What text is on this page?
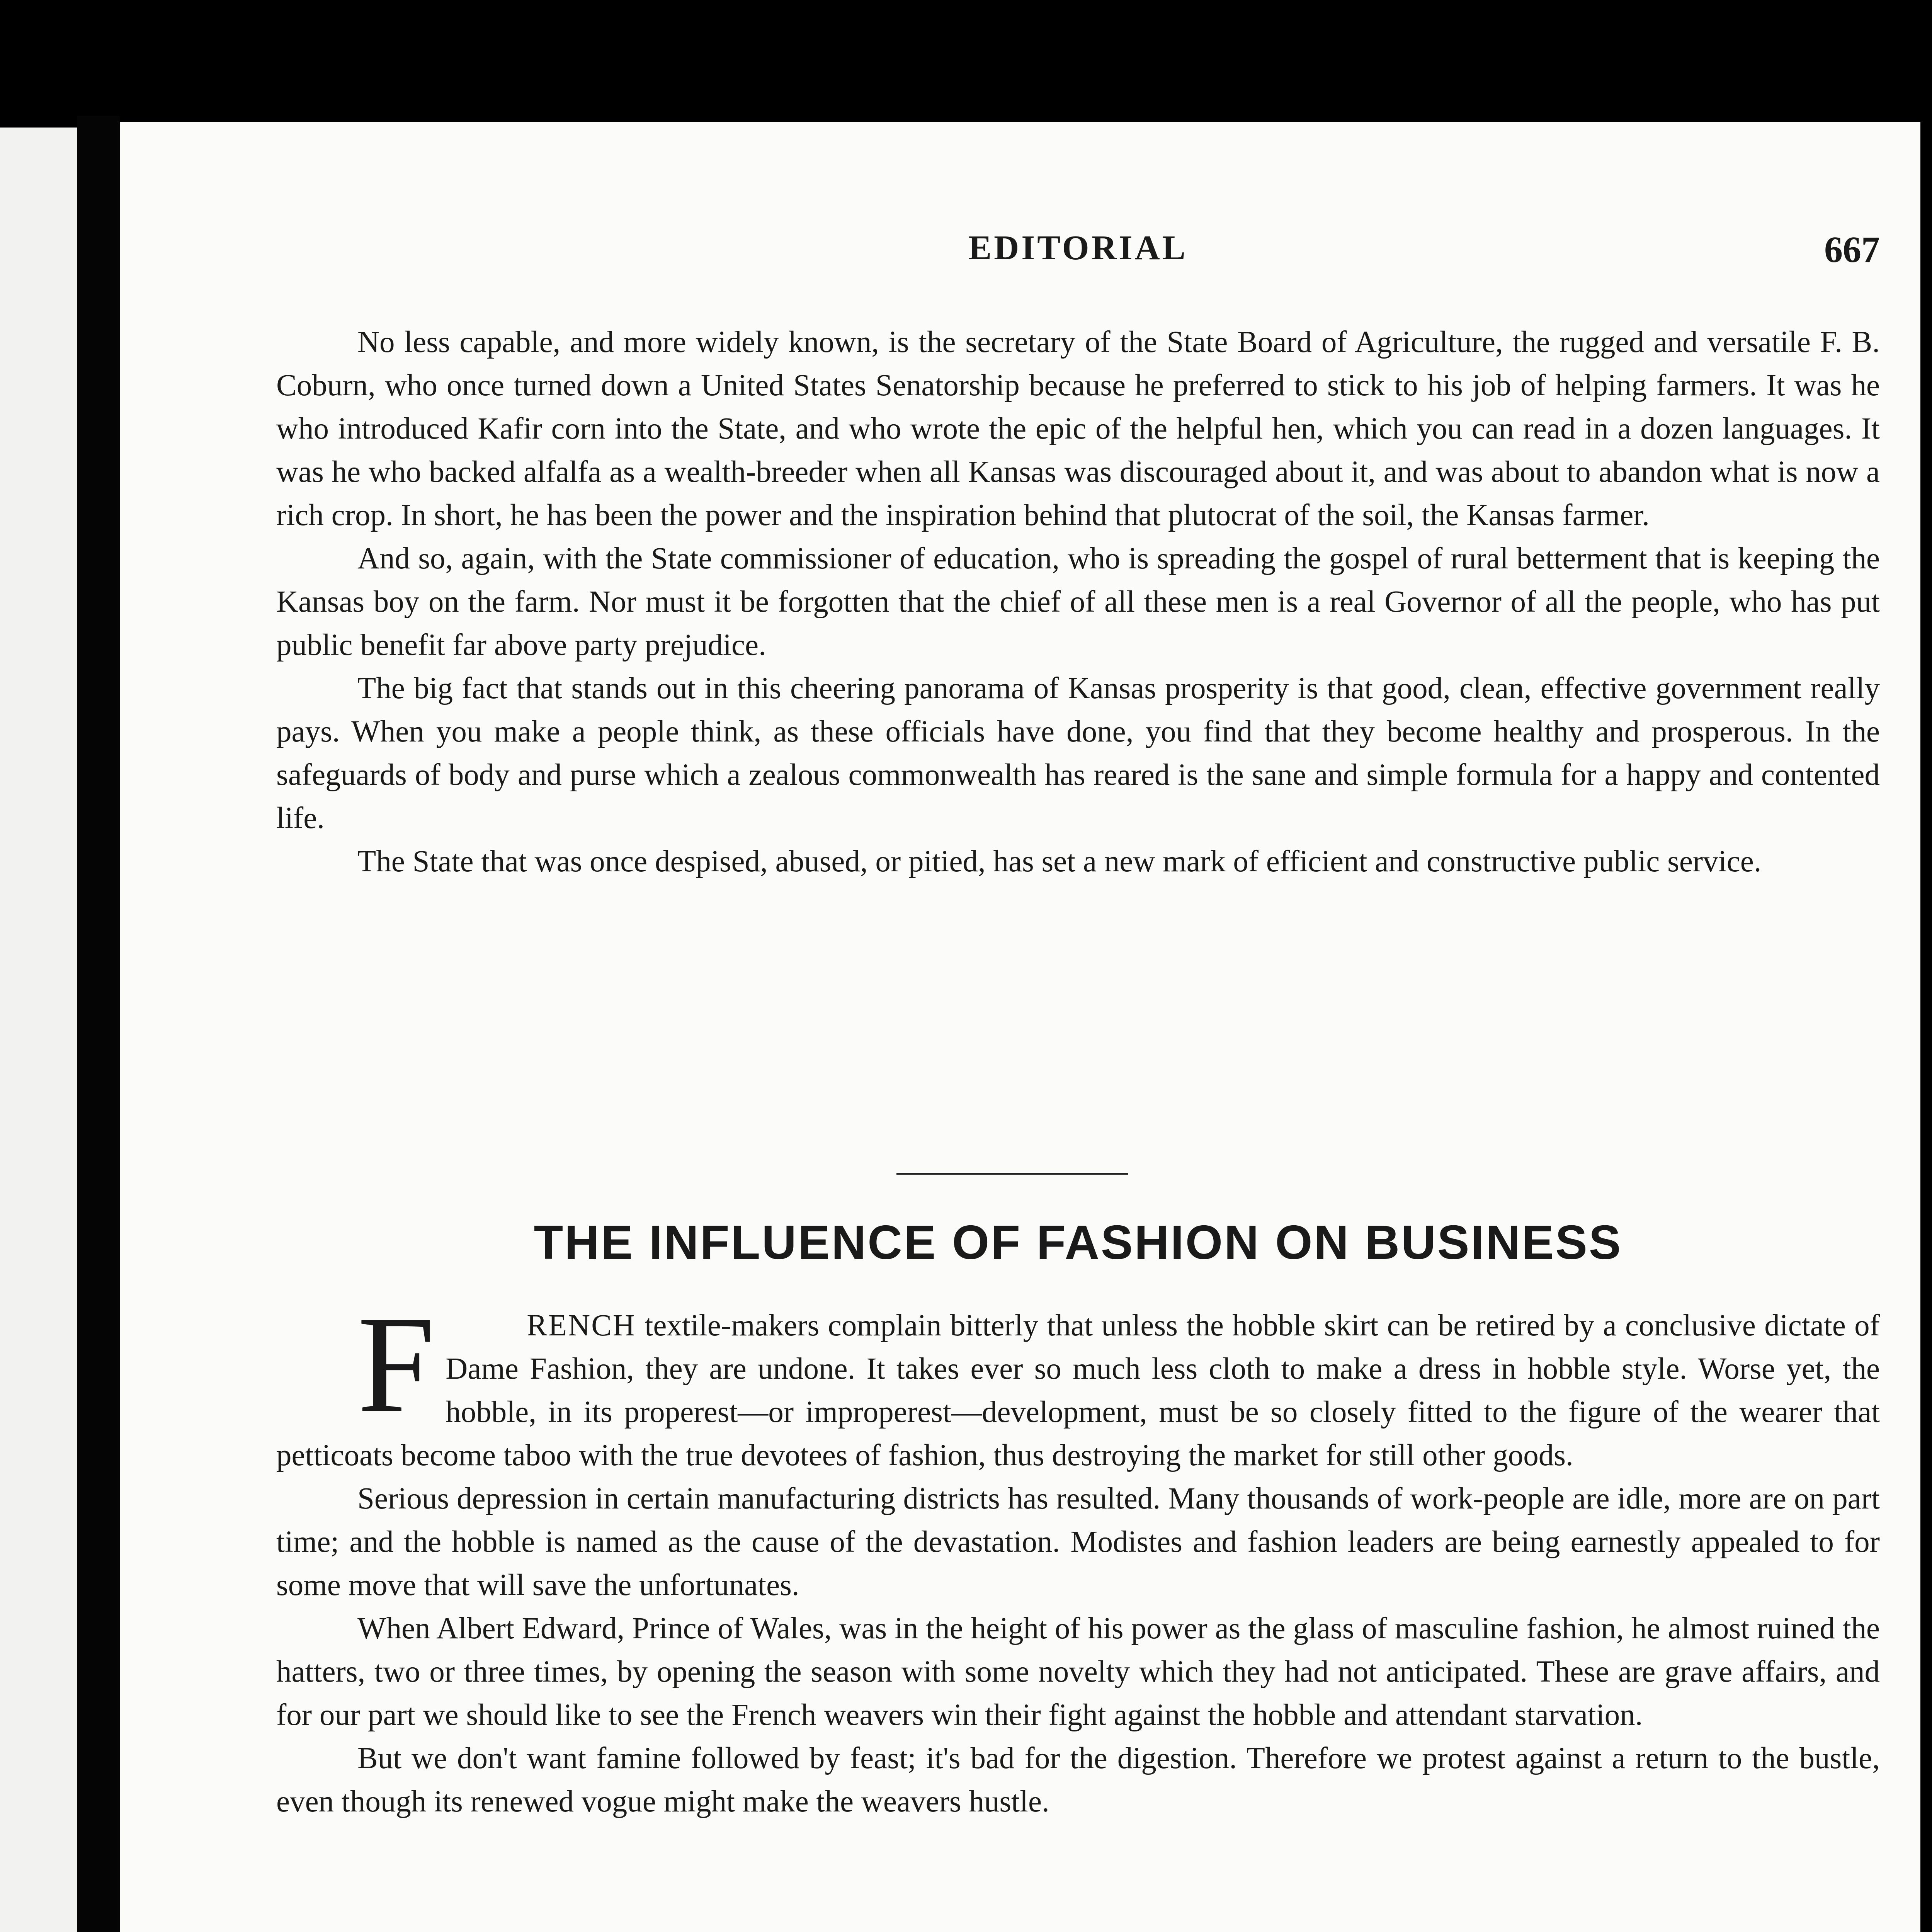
EDITORIAL	667

No less capable, and more widely known, is the secretary of the State Board of Agriculture, the rugged and versatile F. B. Coburn, who once turned down a United States Senatorship because he preferred to stick to his job of helping farmers. It was he who introduced Kafir corn into the State, and who wrote the epic of the helpful hen, which you can read in a dozen languages. It was he who backed alfalfa as a wealth-breeder when all Kansas was discouraged about it, and was about to abandon what is now a rich crop. In short, he has been the power and the inspiration behind that plutocrat of the soil, the Kansas farmer.

And so, again, with the State commissioner of education, who is spreading the gospel of rural betterment that is keeping the Kansas boy on the farm. Nor must it be forgotten that the chief of all these men is a real Governor of all the people, who has put public benefit far above party prejudice.

The big fact that stands out in this cheering panorama of Kansas prosperity is that good, clean, effective government really pays. When you make a people think, as these officials have done, you find that they become healthy and prosperous. In the safeguards of body and purse which a zealous commonwealth has reared is the sane and simple formula for a happy and contented life.

The State that was once despised, abused, or pitied, has set a new mark of efficient and constructive public service.

THE INFLUENCE OF FASHION ON BUSINESS

F	RENCH textile-makers complain bitterly that unless the hobble skirt can be retired by a conclusive dictate of Dame Fashion, they are undone. It takes ever so much less cloth to make a dress in hobble style. Worse yet, the hobble, in its properest—or improperest—development, must be so closely fitted to the figure of the wearer that petticoats become taboo with the true devotees of fashion, thus destroying the market for still other goods.

Serious depression in certain manufacturing districts has resulted. Many thousands of work-people are idle, more are on part time; and the hobble is named as the cause of the devastation. Modistes and fashion leaders are being earnestly appealed to for some move that will save the unfortunates.

When Albert Edward, Prince of Wales, was in the height of his power as the glass of masculine fashion, he almost ruined the hatters, two or three times, by opening the season with some novelty which they had not anticipated. These are grave affairs, and for our part we should like to see the French weavers win their fight against the hobble and attendant starvation.

But we don't want famine followed by feast; it's bad for the digestion. Therefore we protest against a return to the bustle, even though its renewed vogue might make the weavers hustle.
